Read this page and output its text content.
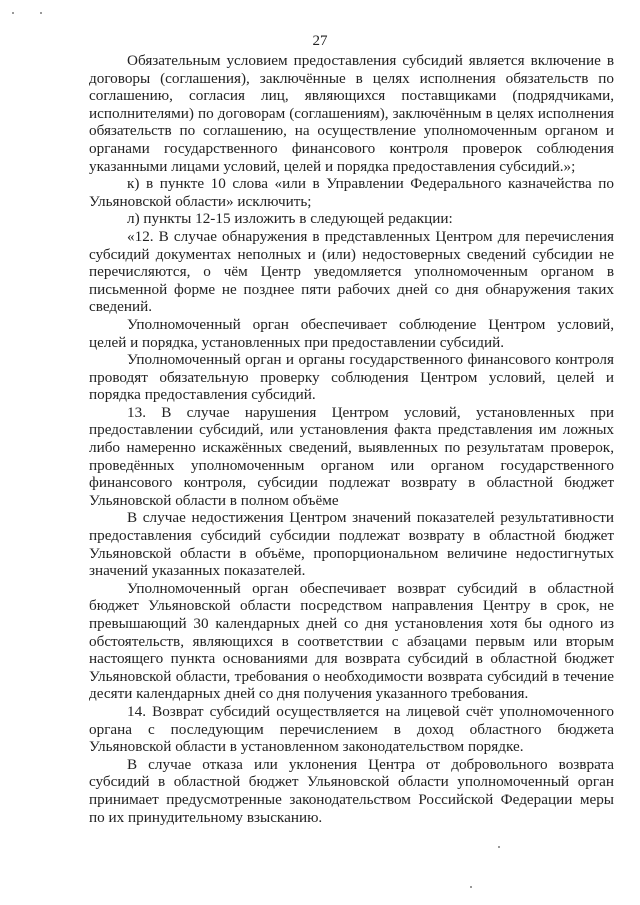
27

Обязательным условием предоставления субсидий является включение в договоры (соглашения), заключённые в целях исполнения обязательств по соглашению, согласия лиц, являющихся поставщиками (подрядчиками, исполнителями) по договорам (соглашениям), заключённым в целях исполнения обязательств по соглашению, на осуществление уполномоченным органом и органами государственного финансового контроля проверок соблюдения указанными лицами условий, целей и порядка предоставления субсидий.»;

к) в пункте 10 слова «или в Управлении Федерального казначейства по Ульяновской области» исключить;

л) пункты 12-15 изложить в следующей редакции:

«12. В случае обнаружения в представленных Центром для перечисления субсидий документах неполных и (или) недостоверных сведений субсидии не перечисляются, о чём Центр уведомляется уполномоченным органом в письменной форме не позднее пяти рабочих дней со дня обнаружения таких сведений.

Уполномоченный орган обеспечивает соблюдение Центром условий, целей и порядка, установленных при предоставлении субсидий.

Уполномоченный орган и органы государственного финансового контроля проводят обязательную проверку соблюдения Центром условий, целей и порядка предоставления субсидий.

13. В случае нарушения Центром условий, установленных при предоставлении субсидий, или установления факта представления им ложных либо намеренно искажённых сведений, выявленных по результатам проверок, проведённых уполномоченным органом или органом государственного финансового контроля, субсидии подлежат возврату в областной бюджет Ульяновской области в полном объёме

В случае недостижения Центром значений показателей результативности предоставления субсидий субсидии подлежат возврату в областной бюджет Ульяновской области в объёме, пропорциональном величине недостигнутых значений указанных показателей.

Уполномоченный орган обеспечивает возврат субсидий в областной бюджет Ульяновской области посредством направления Центру в срок, не превышающий 30 календарных дней со дня установления хотя бы одного из обстоятельств, являющихся в соответствии с абзацами первым или вторым настоящего пункта основаниями для возврата субсидий в областной бюджет Ульяновской области, требования о необходимости возврата субсидий в течение десяти календарных дней со дня получения указанного требования.

14. Возврат субсидий осуществляется на лицевой счёт уполномоченного органа с последующим перечислением в доход областного бюджета Ульяновской области в установленном законодательством порядке.

В случае отказа или уклонения Центра от добровольного возврата субсидий в областной бюджет Ульяновской области уполномоченный орган принимает предусмотренные законодательством Российской Федерации меры по их принудительному взысканию.
